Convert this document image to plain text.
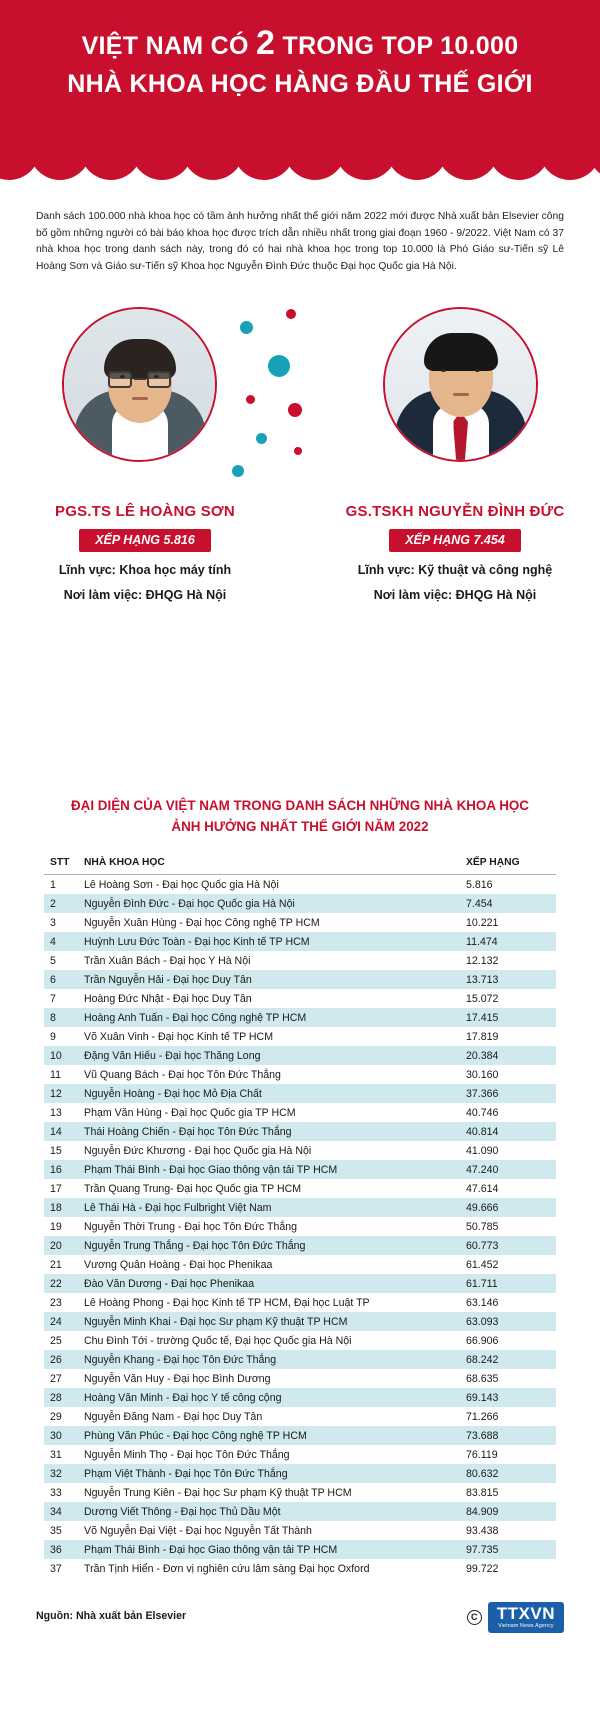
VIỆT NAM CÓ 2 TRONG TOP 10.000
NHÀ KHOA HỌC HÀNG ĐẦU THẾ GIỚI

Danh sách 100.000 nhà khoa học có tầm ảnh hưởng nhất thế giới năm 2022 mới được Nhà xuất bản Elsevier công bố gồm những người có bài báo khoa học được trích dẫn nhiều nhất trong giai đoạn 1960 - 9/2022. Việt Nam có 37 nhà khoa học trong danh sách này, trong đó có hai nhà khoa học trong top 10.000 là Phó Giáo sư-Tiến sỹ Lê Hoàng Sơn và Giáo sư-Tiến sỹ Khoa học Nguyễn Đình Đức thuộc Đại học Quốc gia Hà Nội.

PGS.TS LÊ HOÀNG SƠN
XẾP HẠNG 5.816
Lĩnh vực: Khoa học máy tính
Nơi làm việc: ĐHQG Hà Nội
GS.TSKH NGUYỄN ĐÌNH ĐỨC
XẾP HẠNG 7.454
Lĩnh vực: Kỹ thuật và công nghệ
Nơi làm việc: ĐHQG Hà Nội
ĐẠI DIỆN CỦA VIỆT NAM TRONG DANH SÁCH NHỮNG NHÀ KHOA HỌC
ẢNH HƯỞNG NHẤT THẾ GIỚI NĂM 2022
STT	NHÀ KHOA HỌC	XẾP HẠNG
1	Lê Hoàng Sơn - Đại học Quốc gia Hà Nội	5.816
2	Nguyễn Đình Đức - Đại học Quốc gia Hà Nội	7.454
3	Nguyễn Xuân Hùng - Đại học Công nghệ TP HCM	10.221
4	Huỳnh Lưu Đức Toàn - Đại học Kinh tế TP HCM	11.474
5	Trần Xuân Bách - Đại học Y Hà Nội	12.132
6	Trần Nguyễn Hải - Đại học Duy Tân	13.713
7	Hoàng Đức Nhật - Đại học Duy Tân	15.072
8	Hoàng Anh Tuấn - Đại học Công nghệ TP HCM	17.415
9	Võ Xuân Vinh - Đại học Kinh tế TP HCM	17.819
10	Đặng Văn Hiếu - Đại học Thăng Long	20.384
11	Vũ Quang Bách - Đại học Tôn Đức Thắng	30.160
12	Nguyễn Hoàng - Đại học Mỏ Địa Chất	37.366
13	Phạm Văn Hùng - Đại học Quốc gia TP HCM	40.746
14	Thái Hoàng Chiến - Đại học Tôn Đức Thắng	40.814
15	Nguyễn Đức Khương - Đại học Quốc gia Hà Nội	41.090
16	Phạm Thái Bình - Đại học Giao thông vận tải TP HCM	47.240
17	Trần Quang Trung- Đại học Quốc gia TP HCM	47.614
18	Lê Thái Hà - Đại học Fulbright Việt Nam	49.666
19	Nguyễn Thời Trung - Đại học Tôn Đức Thắng	50.785
20	Nguyễn Trung Thắng - Đại học Tôn Đức Thắng	60.773
21	Vương Quân Hoàng - Đại học Phenikaa	61.452
22	Đào Văn Dương - Đại học Phenikaa	61.711
23	Lê Hoàng Phong - Đại học Kinh tế TP HCM, Đại học Luật TP	63.146
24	Nguyễn Minh Khai - Đại học Sư phạm Kỹ thuật TP HCM	63.093
25	Chu Đình Tới - trường Quốc tế, Đại học Quốc gia Hà Nội	66.906
26	Nguyễn Khang - Đại học Tôn Đức Thắng	68.242
27	Nguyễn Văn Huy - Đại học Bình Dương	68.635
28	Hoàng Văn Minh - Đại học Y tế công cộng	69.143
29	Nguyễn Đăng Nam - Đại học Duy Tân	71.266
30	Phùng Văn Phúc - Đại học Công nghệ TP HCM	73.688
31	Nguyễn Minh Thọ - Đại học Tôn Đức Thắng	76.119
32	Phạm Việt Thành - Đại học Tôn Đức Thắng	80.632
33	Nguyễn Trung Kiên - Đại học Sư phạm Kỹ thuật TP HCM	83.815
34	Dương Viết Thông - Đại học Thủ Dầu Một	84.909
35	Võ Nguyễn Đại Việt - Đại học Nguyễn Tất Thành	93.438
36	Phạm Thái Bình - Đại học Giao thông vận tải TP HCM	97.735
37	Trần Tịnh Hiển - Đơn vị nghiên cứu lâm sàng Đại học Oxford	99.722
Nguồn: Nhà xuất bản Elsevier	C TTXVN
Vietnam News Agency
